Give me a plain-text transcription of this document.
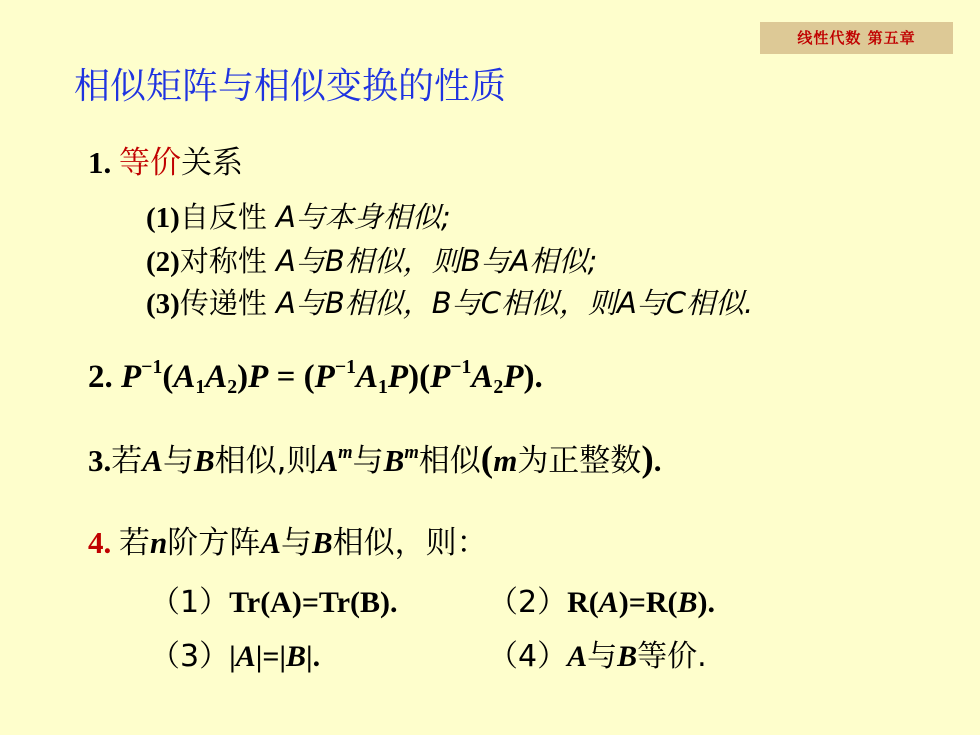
线性代数 第五章
相似矩阵与相似变换的性质
1. 等价关系
(1)自反性 A与本身相似;
(2)对称性 A与B相似，则B与A相似;
(3)传递性 A与B相似，B与C相似，则A与C相似.
2. $P^{-1}(A_1A_2)P = (P^{-1}A_1P)(P^{-1}A_2P)$.
3.若A与B相似,则$A^m$与$B^m$相似(m为正整数).
4. 若n阶方阵A与B相似，则：
（1）Tr(A)=Tr(B).	（2）R(A)=R(B).
（3）|A|=|B|.	（4）A与B等价.
